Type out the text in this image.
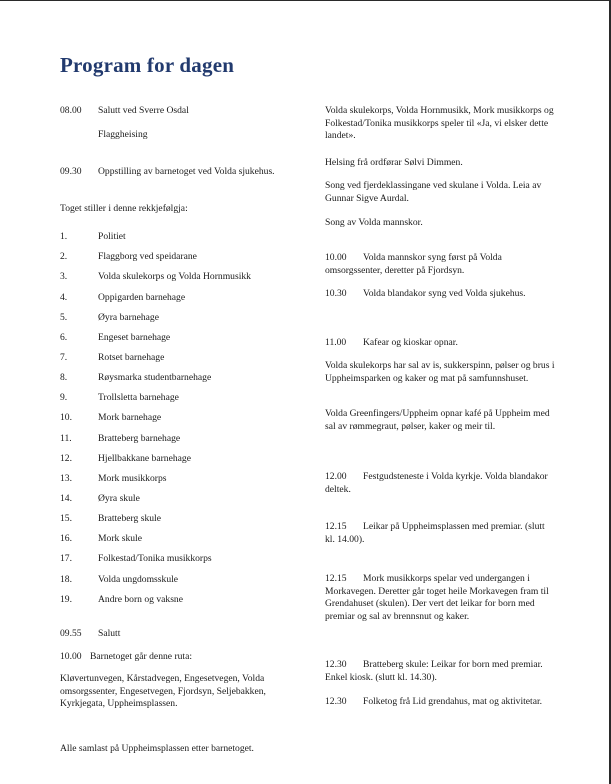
Program for dagen

08.00 Salutt ved Sverre Osdal

Flaggheising

09.30 Oppstilling av barnetoget ved Volda sjukehus.

Toget stiller i denne rekkjefølgja:

1.	Politiet
2.	Flaggborg ved speidarane
3.	Volda skulekorps og Volda Hornmusikk
4.	Oppigarden barnehage
5.	Øyra barnehage
6.	Engeset barnehage
7.	Rotset barnehage
8.	Røysmarka studentbarnehage
9.	Trollsletta barnehage
10.	Mork barnehage
11.	Bratteberg barnehage
12.	Hjellbakkane barnehage
13.	Mork musikkorps
14.	Øyra skule
15.	Bratteberg skule
16.	Mork skule
17.	Folkestad/Tonika musikkorps
18.	Volda ungdomsskule
19.	Andre born og vaksne

09.55 Salutt

10.00 Barnetoget går denne ruta:

Kløvertunvegen, Kårstadvegen, Engesetvegen, Volda omsorgssenter, Engesetvegen, Fjordsyn, Seljebakken, Kyrkjegata, Uppheimsplassen.

Alle samlast på Uppheimsplassen etter barnetoget.

Volda skulekorps, Volda Hornmusikk, Mork musikkorps og Folkestad/Tonika musikkorps speler til «Ja, vi elsker dette landet».

Helsing frå ordførar Sølvi Dimmen.

Song ved fjerdeklassingane ved skulane i Volda. Leia av Gunnar Sigve Aurdal.

Song av Volda mannskor.

10.00 Volda mannskor syng først på Volda omsorgssenter, deretter på Fjordsyn.

10.30 Volda blandakor syng ved Volda sjukehus.

11.00 Kafear og kioskar opnar.

Volda skulekorps har sal av is, sukkerspinn, pølser og brus i Uppheimsparken og kaker og mat på samfunnshuset.

Volda Greenfingers/Uppheim opnar kafé på Uppheim med sal av rømmegraut, pølser, kaker og meir til.

12.00 Festgudsteneste i Volda kyrkje. Volda blandakor deltek.

12.15 Leikar på Uppheimsplassen med premiar. (slutt kl. 14.00).

12.15 Mork musikkorps spelar ved undergangen i Morkavegen. Deretter går toget heile Morkavegen fram til Grendahuset (skulen). Der vert det leikar for born med premiar og sal av brennsnut og kaker.

12.30 Bratteberg skule: Leikar for born med premiar. Enkel kiosk. (slutt kl. 14.30).

12.30 Folketog frå Lid grendahus, mat og aktivitetar.
